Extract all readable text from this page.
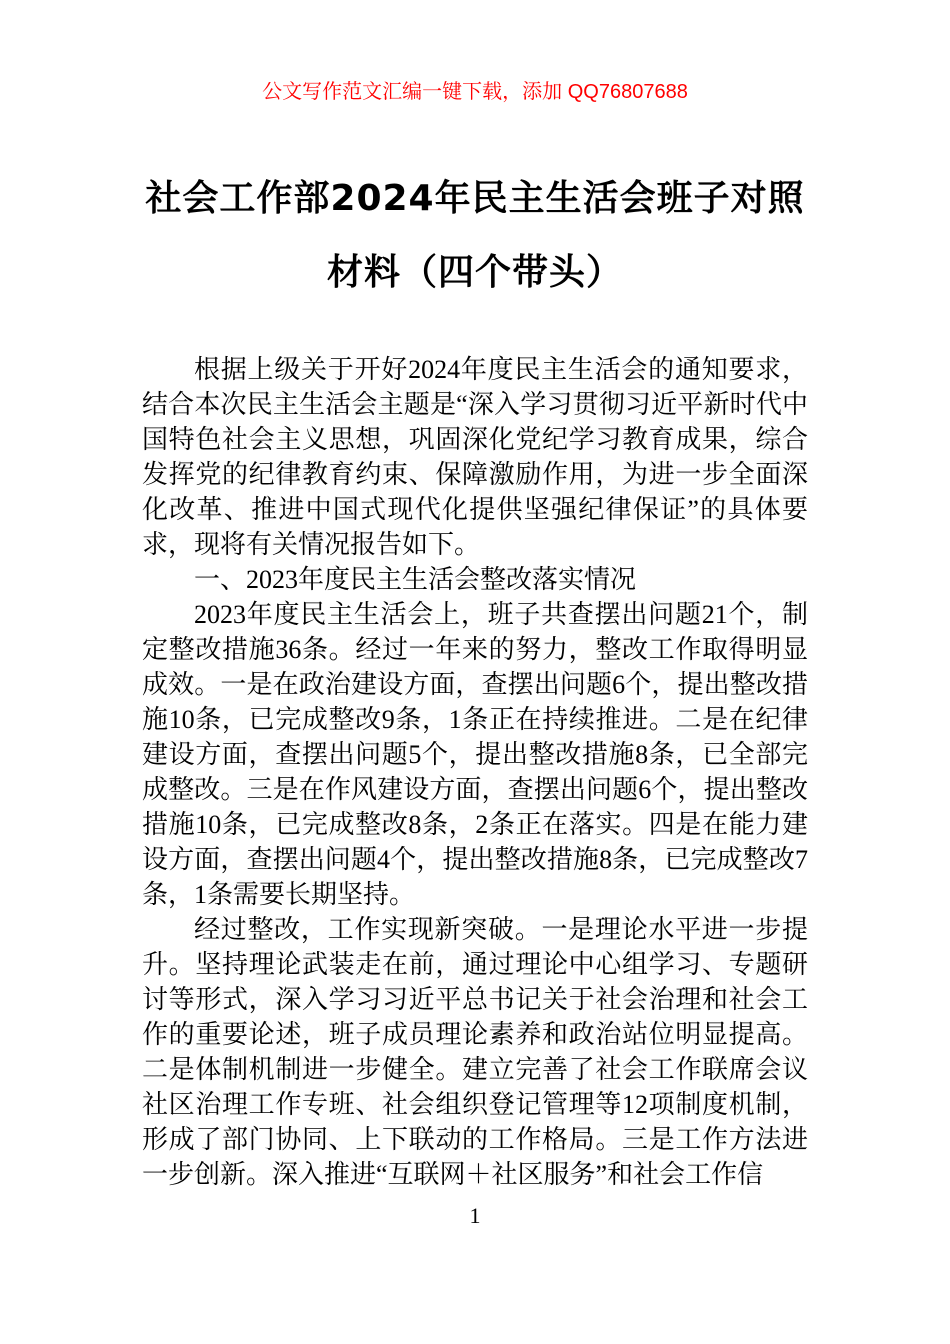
公文写作范文汇编一键下载，添加 QQ76807688
社会工作部2024年民主生活会班子对照材料（四个带头）

根据上级关于开好2024年度民主生活会的通知要求，结合本次民主生活会主题是“深入学习贯彻习近平新时代中国特色社会主义思想，巩固深化党纪学习教育成果，综合发挥党的纪律教育约束、保障激励作用，为进一步全面深化改革、推进中国式现代化提供坚强纪律保证”的具体要求，现将有关情况报告如下。

一、2023年度民主生活会整改落实情况

2023年度民主生活会上，班子共查摆出问题21个，制定整改措施36条。经过一年来的努力，整改工作取得明显成效。一是在政治建设方面，查摆出问题6个，提出整改措施10条，已完成整改9条，1条正在持续推进。二是在纪律建设方面，查摆出问题5个，提出整改措施8条，已全部完成整改。三是在作风建设方面，查摆出问题6个，提出整改措施10条，已完成整改8条，2条正在落实。四是在能力建设方面，查摆出问题4个，提出整改措施8条，已完成整改7条，1条需要长期坚持。

经过整改，工作实现新突破。一是理论水平进一步提升。坚持理论武装走在前，通过理论中心组学习、专题研讨等形式，深入学习习近平总书记关于社会治理和社会工作的重要论述，班子成员理论素养和政治站位明显提高。二是体制机制进一步健全。建立完善了社会工作联席会议社区治理工作专班、社会组织登记管理等12项制度机制，形成了部门协同、上下联动的工作格局。三是工作方法进一步创新。深入推进“互联网＋社区服务”和社会工作信

1
